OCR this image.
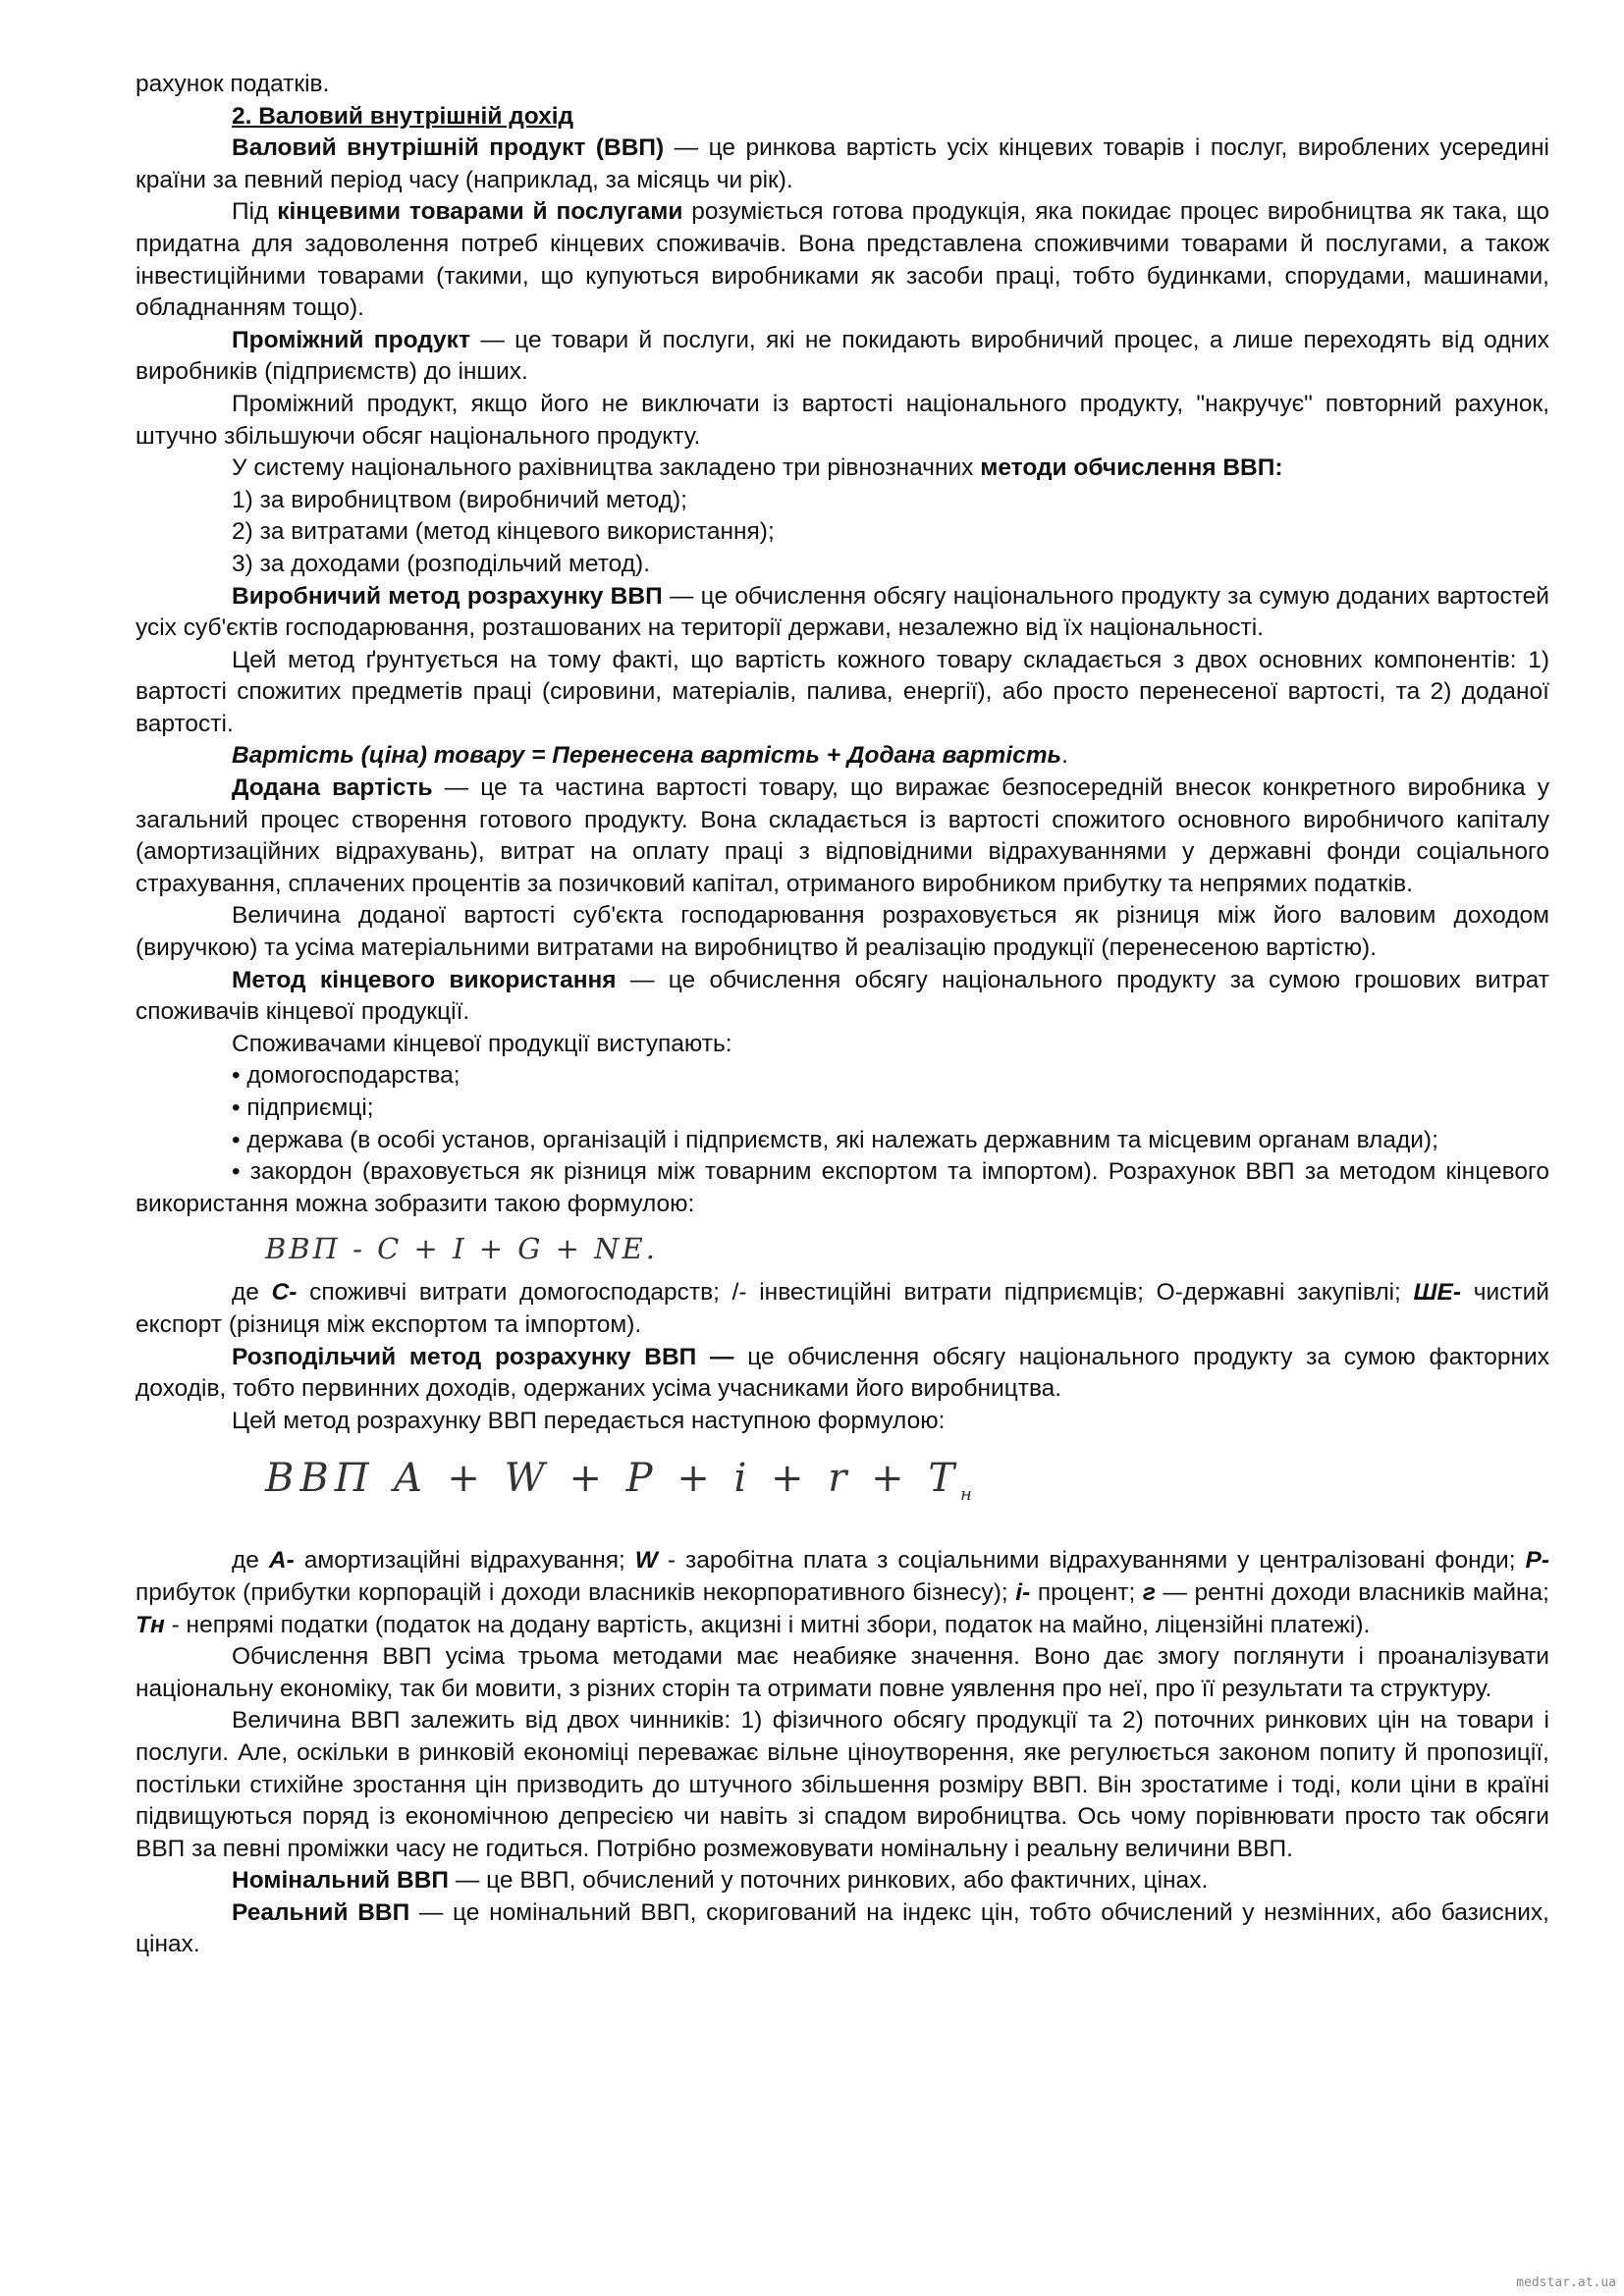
рахунок податків.

2. Валовий внутрішній дохід

Валовий внутрішній продукт (ВВП) — це ринкова вартість усіх кінцевих товарів і послуг, вироблених усередині країни за певний період часу (наприклад, за місяць чи рік).

Під кінцевими товарами й послугами розуміється готова продукція, яка покидає процес виробництва як така, що придатна для задоволення потреб кінцевих споживачів. Вона представлена споживчими товарами й послугами, а також інвестиційними товарами (такими, що купуються виробниками як засоби праці, тобто будинками, спорудами, машинами, обладнанням тощо).

Проміжний продукт — це товари й послуги, які не покидають виробничий процес, а лише переходять від одних виробників (підприємств) до інших.

Проміжний продукт, якщо його не виключати із вартості національного продукту, "накручує" повторний рахунок, штучно збільшуючи обсяг національного продукту.

У систему національного рахівництва закладено три рівнозначних методи обчислення ВВП:

1) за виробництвом (виробничий метод);

2) за витратами (метод кінцевого використання);

3) за доходами (розподільчий метод).

Виробничий метод розрахунку ВВП — це обчислення обсягу національного продукту за сумую доданих вартостей усіх суб'єктів господарювання, розташованих на території держави, незалежно від їх національності.

Цей метод ґрунтується на тому факті, що вартість кожного товару складається з двох основних компонентів: 1) вартості спожитих предметів праці (сировини, матеріалів, палива, енергії), або просто перенесеної вартості, та 2) доданої вартості.

Вартість (ціна) товару = Перенесена вартість + Додана вартість.

Додана вартість — це та частина вартості товару, що виражає безпосередній внесок конкретного виробника у загальний процес створення готового продукту. Вона складається із вартості спожитого основного виробничого капіталу (амортизаційних відрахувань), витрат на оплату праці з відповідними відрахуваннями у державні фонди соціального страхування, сплачених процентів за позичковий капітал, отриманого виробником прибутку та непрямих податків.

Величина доданої вартості суб'єкта господарювання розраховується як різниця між його валовим доходом (виручкою) та усіма матеріальними витратами на виробництво й реалізацію продукції (перенесеною вартістю).

Метод кінцевого використання — це обчислення обсягу національного продукту за сумою грошових витрат споживачів кінцевої продукції.

Споживачами кінцевої продукції виступають:

• домогосподарства;

• підприємці;

• держава (в особі установ, організацій і підприємств, які належать державним та місцевим органам влади);

• закордон (враховується як різниця між товарним експортом та імпортом). Розрахунок ВВП за методом кінцевого використання можна зобразити такою формулою:

ВВП - С + І + G + NE.

де С- споживчі витрати домогосподарств; /- інвестиційні витрати підприємців; О-державні закупівлі; ШЕ- чистий експорт (різниця між експортом та імпортом).

Розподільчий метод розрахунку ВВП — це обчислення обсягу національного продукту за сумою факторних доходів, тобто первинних доходів, одержаних усіма учасниками його виробництва.

Цей метод розрахунку ВВП передається наступною формулою:

ВВП $А + W + Р + і + r + Т_н$

де А- амортизаційні відрахування; W - заробітна плата з соціальними відрахуваннями у централізовані фонди; Р- прибуток (прибутки корпорацій і доходи власників некорпоративного бізнесу); і- процент; г — рентні доходи власників майна; Тн - непрямі податки (податок на додану вартість, акцизні і митні збори, податок на майно, ліцензійні платежі).

Обчислення ВВП усіма трьома методами має неабияке значення. Воно дає змогу поглянути і проаналізувати національну економіку, так би мовити, з різних сторін та отримати повне уявлення про неї, про її результати та структуру.

Величина ВВП залежить від двох чинників: 1) фізичного обсягу продукції та 2) поточних ринкових цін на товари і послуги. Але, оскільки в ринковій економіці переважає вільне ціноутворення, яке регулюється законом попиту й пропозиції, постільки стихійне зростання цін призводить до штучного збільшення розміру ВВП. Він зростатиме і тоді, коли ціни в країні підвищуються поряд із економічною депресією чи навіть зі спадом виробництва. Ось чому порівнювати просто так обсяги ВВП за певні проміжки часу не годиться. Потрібно розмежовувати номінальну і реальну величини ВВП.

Номінальний ВВП — це ВВП, обчислений у поточних ринкових, або фактичних, цінах.

Реальний ВВП — це номінальний ВВП, скоригований на індекс цін, тобто обчислений у незмінних, або базисних, цінах.

medstar.at.ua
